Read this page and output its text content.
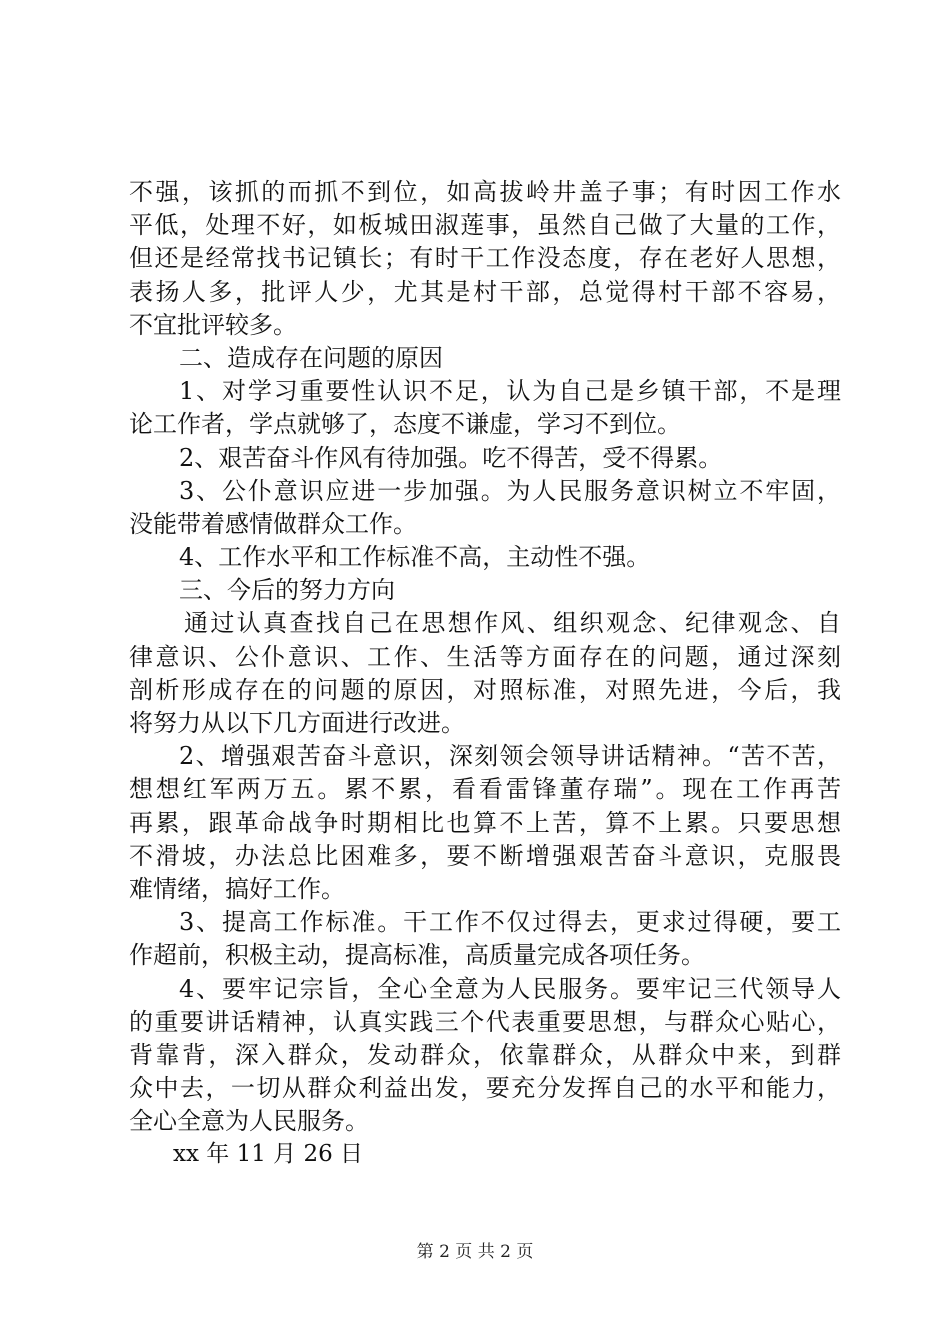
不强，该抓的而抓不到位，如高拔岭井盖子事；有时因工作水
平低，处理不好，如板城田淑莲事，虽然自己做了大量的工作，
但还是经常找书记镇长；有时干工作没态度，存在老好人思想，
表扬人多，批评人少，尤其是村干部，总觉得村干部不容易，
不宜批评较多。
二、造成存在问题的原因
1、对学习重要性认识不足，认为自己是乡镇干部，不是理
论工作者，学点就够了，态度不谦虚，学习不到位。
2、艰苦奋斗作风有待加强。吃不得苦，受不得累。
3、公仆意识应进一步加强。为人民服务意识树立不牢固，
没能带着感情做群众工作。
4、工作水平和工作标准不高，主动性不强。
三、今后的努力方向
通过认真查找自己在思想作风、组织观念、纪律观念、自
律意识、公仆意识、工作、生活等方面存在的问题，通过深刻
剖析形成存在的问题的原因，对照标准，对照先进，今后，我
将努力从以下几方面进行改进。
2、增强艰苦奋斗意识，深刻领会领导讲话精神。“苦不苦，
想想红军两万五。累不累，看看雷锋董存瑞”。现在工作再苦
再累，跟革命战争时期相比也算不上苦，算不上累。只要思想
不滑坡，办法总比困难多，要不断增强艰苦奋斗意识，克服畏
难情绪，搞好工作。
3、提高工作标准。干工作不仅过得去，更求过得硬，要工
作超前，积极主动，提高标准，高质量完成各项任务。
4、要牢记宗旨，全心全意为人民服务。要牢记三代领导人
的重要讲话精神，认真实践三个代表重要思想，与群众心贴心，
背靠背，深入群众，发动群众，依靠群众，从群众中来，到群
众中去，一切从群众利益出发，要充分发挥自己的水平和能力，
全心全意为人民服务。
xx 年 11 月 26 日
第 2 页 共 2 页
